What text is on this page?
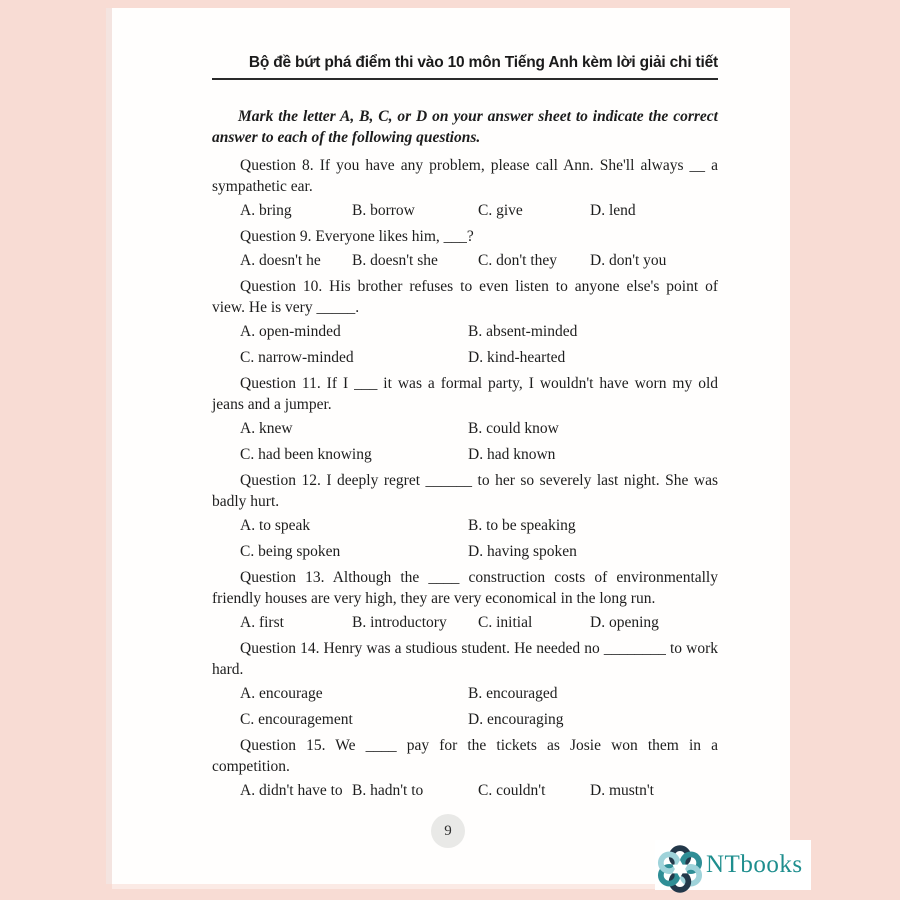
Bộ đề bứt phá điểm thi vào 10 môn Tiếng Anh kèm lời giải chi tiết
Mark the letter A, B, C, or D on your answer sheet to indicate the correct answer to each of the following questions.

Question 8. If you have any problem, please call Ann. She'll always __ a sympathetic ear.

A. bring	B. borrow	C. give	D. lend

Question 9. Everyone likes him, ___?

A. doesn't he	B. doesn't she	C. don't they	D. don't you

Question 10. His brother refuses to even listen to anyone else's point of view. He is very _____.

A. open-minded	B. absent-minded
C. narrow-minded	D. kind-hearted

Question 11. If I ___ it was a formal party, I wouldn't have worn my old jeans and a jumper.

A. knew	B. could know
C. had been knowing	D. had known

Question 12. I deeply regret ______ to her so severely last night. She was badly hurt.

A. to speak	B. to be speaking
C. being spoken	D. having spoken

Question 13. Although the ____ construction costs of environmentally friendly houses are very high, they are very economical in the long run.

A. first	B. introductory	C. initial	D. opening

Question 14. Henry was a studious student. He needed no ________ to work hard.

A. encourage	B. encouraged
C. encouragement	D. encouraging

Question 15. We ____ pay for the tickets as Josie won them in a competition.

A. didn't have to B. hadn't to	C. couldn't	D. mustn't
9
NTbooks
